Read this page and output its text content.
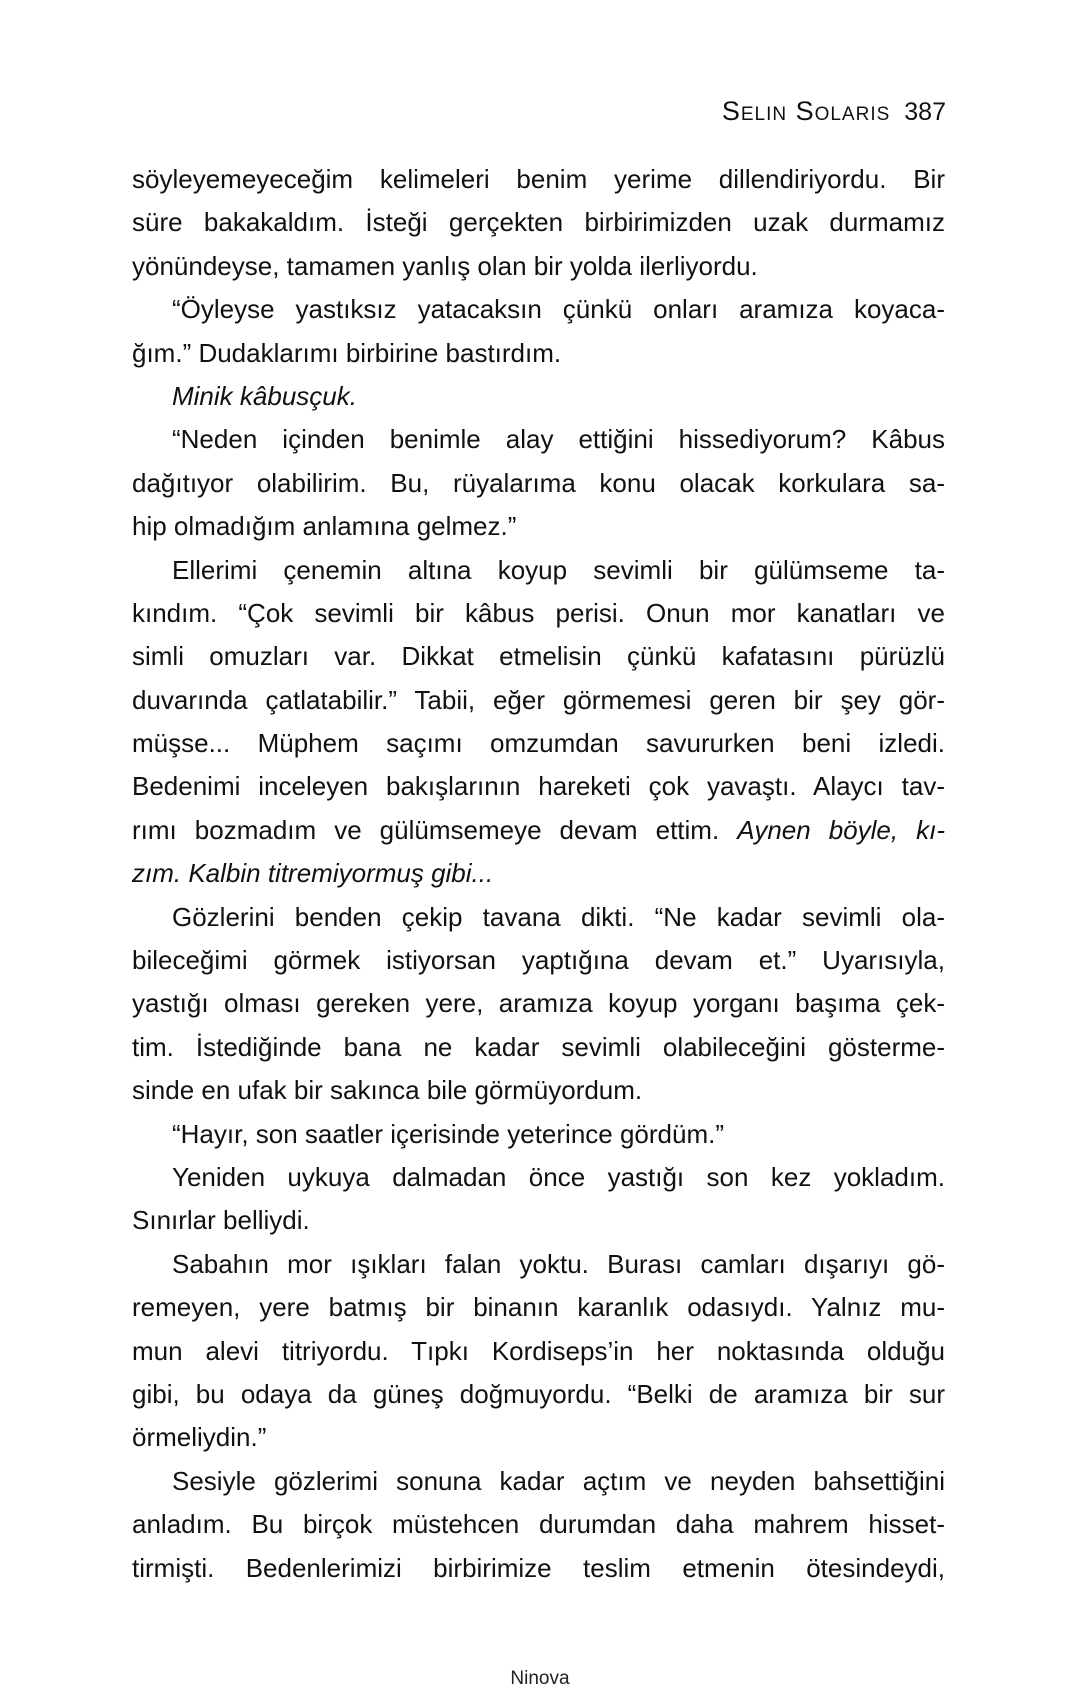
Selin Solaris 387
söyleyemeyeceğim kelimeleri benim yerime dillendiriyordu. Bir
süre bakakaldım. İsteği gerçekten birbirimizden uzak durmamız
yönündeyse, tamamen yanlış olan bir yolda ilerliyordu.
“Öyleyse yastıksız yatacaksın çünkü onları aramıza koyaca-
ğım.” Dudaklarımı birbirine bastırdım.
Minik kâbusçuk.
“Neden içinden benimle alay ettiğini hissediyorum? Kâbus
dağıtıyor olabilirim. Bu, rüyalarıma konu olacak korkulara sa-
hip olmadığım anlamına gelmez.”
Ellerimi çenemin altına koyup sevimli bir gülümseme ta-
kındım. “Çok sevimli bir kâbus perisi. Onun mor kanatları ve
simli omuzları var. Dikkat etmelisin çünkü kafatasını pürüzlü
duvarında çatlatabilir.” Tabii, eğer görmemesi geren bir şey gör-
müşse... Müphem saçımı omzumdan savururken beni izledi.
Bedenimi inceleyen bakışlarının hareketi çok yavaştı. Alaycı tav-
rımı bozmadım ve gülümsemeye devam ettim. Aynen böyle, kı-
zım. Kalbin titremiyormuş gibi...
Gözlerini benden çekip tavana dikti. “Ne kadar sevimli ola-
bileceğimi görmek istiyorsan yaptığına devam et.” Uyarısıyla,
yastığı olması gereken yere, aramıza koyup yorganı başıma çek-
tim. İstediğinde bana ne kadar sevimli olabileceğini gösterme-
sinde en ufak bir sakınca bile görmüyordum.
“Hayır, son saatler içerisinde yeterince gördüm.”
Yeniden uykuya dalmadan önce yastığı son kez yokladım.
Sınırlar belliydi.
Sabahın mor ışıkları falan yoktu. Burası camları dışarıyı gö-
remeyen, yere batmış bir binanın karanlık odasıydı. Yalnız mu-
mun alevi titriyordu. Tıpkı Kordiseps’in her noktasında olduğu
gibi, bu odaya da güneş doğmuyordu. “Belki de aramıza bir sur
örmeliydin.”
Sesiyle gözlerimi sonuna kadar açtım ve neyden bahsettiğini
anladım. Bu birçok müstehcen durumdan daha mahrem hisset-
tirmişti. Bedenlerimizi birbirimize teslim etmenin ötesindeydi,
Ninova
